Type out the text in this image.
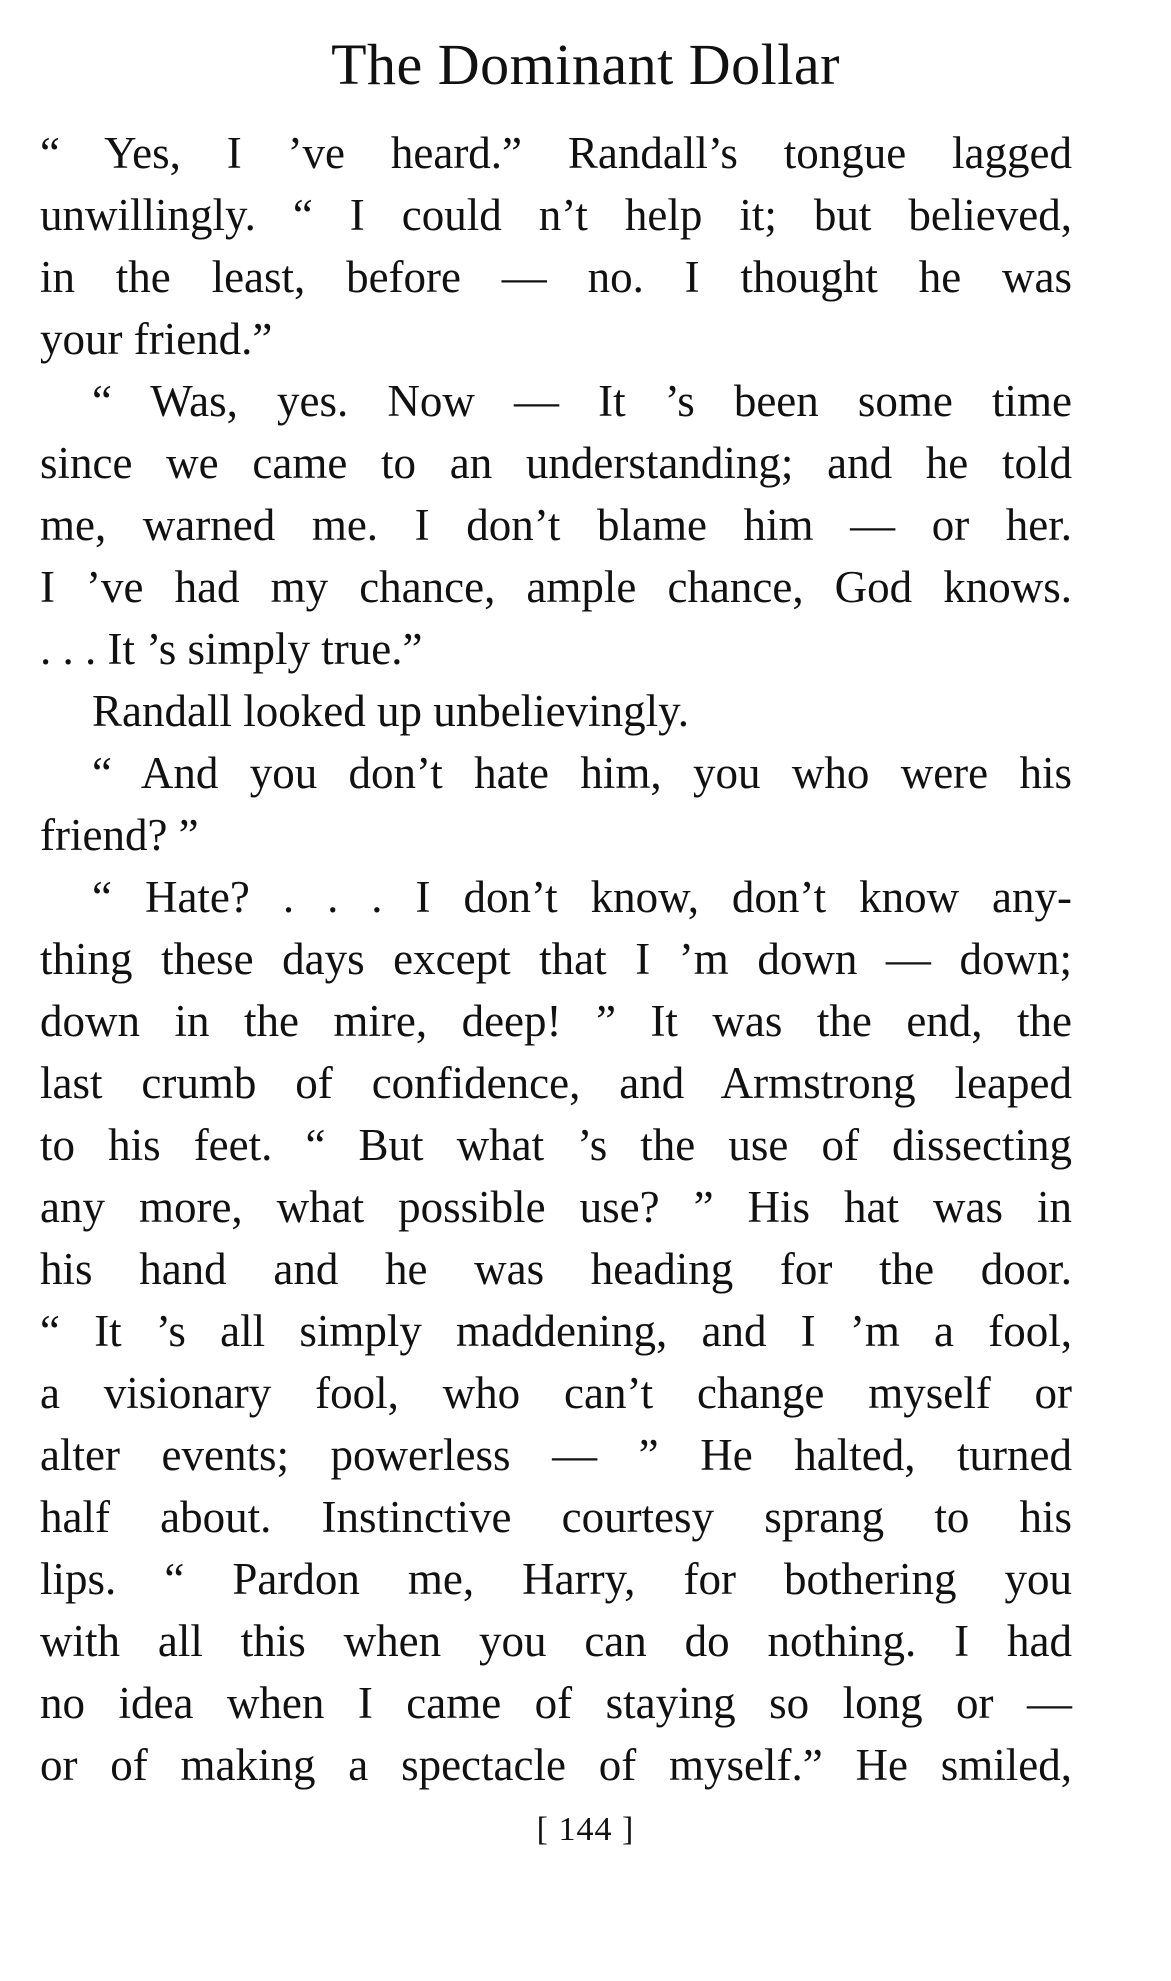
The Dominant Dollar
“ Yes, I ’ve heard.” Randall’s tongue lagged
unwillingly. “ I could n’t help it; but believed,
in the least, before — no. I thought he was
your friend.”
“ Was, yes. Now — It ’s been some time
since we came to an understanding; and he told
me, warned me. I don’t blame him — or her.
I ’ve had my chance, ample chance, God knows.
. . . It ’s simply true.”
Randall looked up unbelievingly.
“ And you don’t hate him, you who were his
friend? ”
“ Hate? . . . I don’t know, don’t know any-
thing these days except that I ’m down — down;
down in the mire, deep! ” It was the end, the
last crumb of confidence, and Armstrong leaped
to his feet. “ But what ’s the use of dissecting
any more, what possible use? ” His hat was in
his hand and he was heading for the door.
“ It ’s all simply maddening, and I ’m a fool,
a visionary fool, who can’t change myself or
alter events; powerless — ” He halted, turned
half about. Instinctive courtesy sprang to his
lips. “ Pardon me, Harry, for bothering you
with all this when you can do nothing. I had
no idea when I came of staying so long or —
or of making a spectacle of myself.” He smiled,
[ 144 ]
